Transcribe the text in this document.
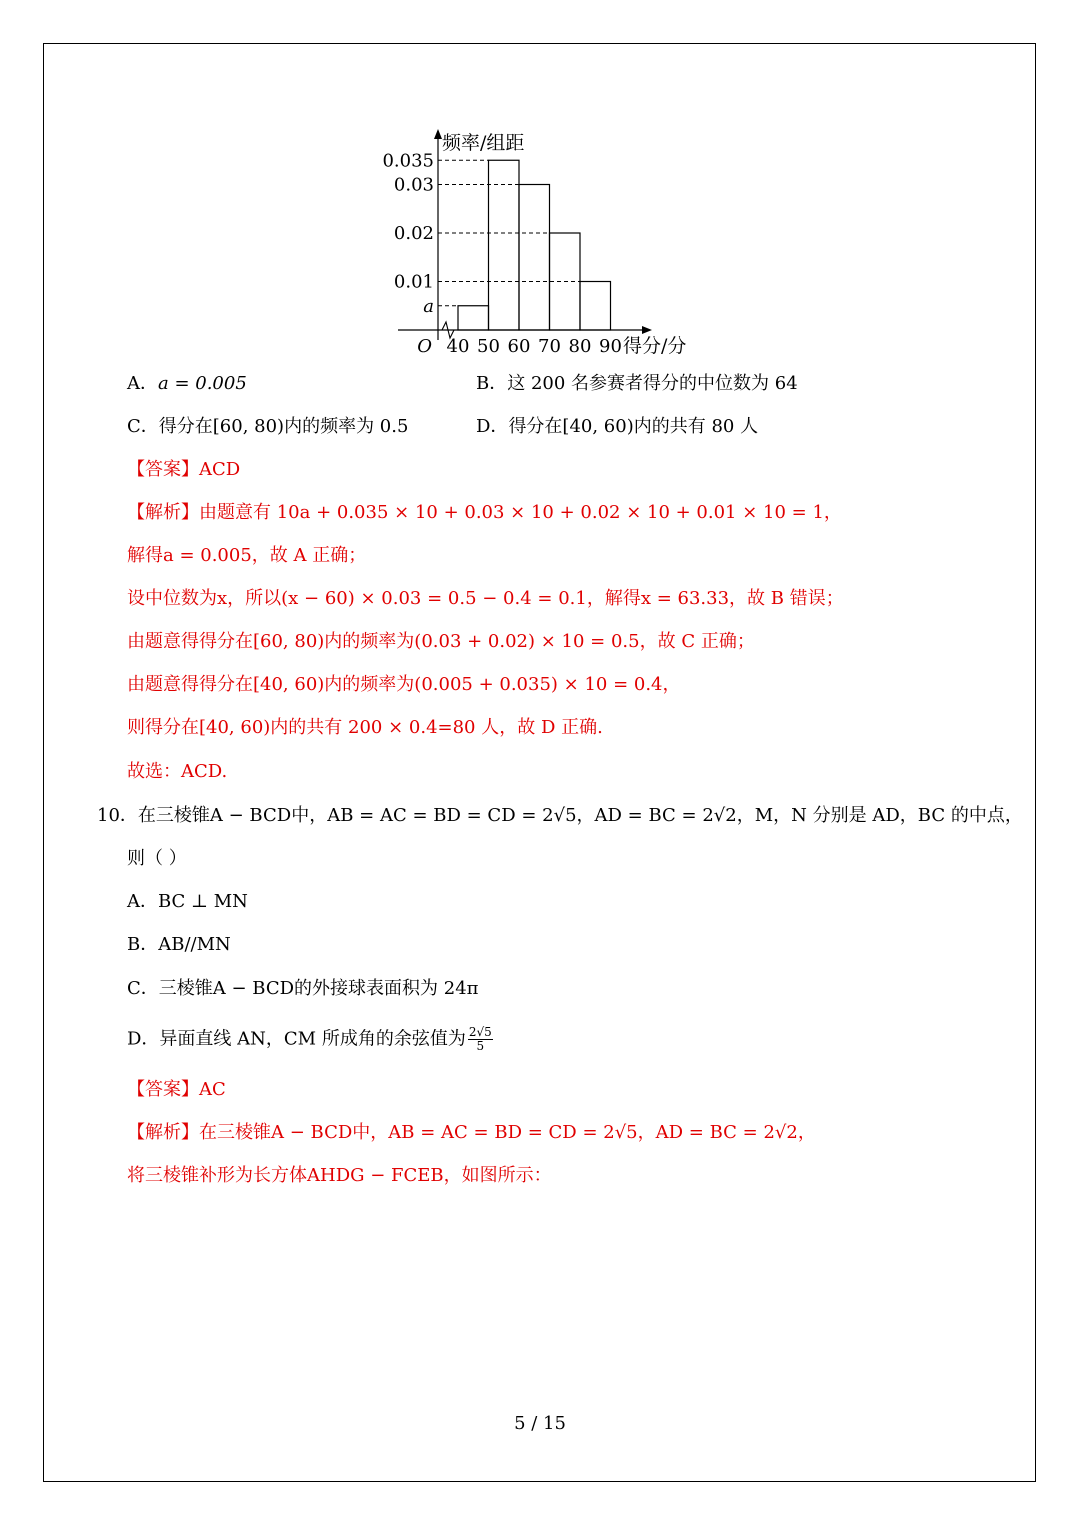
0.035
0.03
0.02
0.01
a
40 50 60 70 80 90
O
频率/组距
得分/分
A．a = 0.005	B．这 200 名参赛者得分的中位数为 64
C．得分在[60, 80)内的频率为 0.5	D．得分在[40, 60)内的共有 80 人
【答案】ACD
【解析】由题意有 10a + 0.035 × 10 + 0.03 × 10 + 0.02 × 10 + 0.01 × 10 = 1，
解得a = 0.005，故 A 正确；
设中位数为x，所以(x − 60) × 0.03 = 0.5 − 0.4 = 0.1，解得x = 63.33，故 B 错误；
由题意得得分在[60, 80)内的频率为(0.03 + 0.02) × 10 = 0.5，故 C 正确；
由题意得得分在[40, 60)内的频率为(0.005 + 0.035) × 10 = 0.4，
则得分在[40, 60)内的共有 200 × 0.4=80 人，故 D 正确.
故选：ACD.
10．在三棱锥A − BCD中，AB = AC = BD = CD = 2√5，AD = BC = 2√2，M，N 分别是 AD，BC 的中点，
则（ ）
A．BC ⊥ MN
B．AB//MN
C．三棱锥A − BCD的外接球表面积为 24π
D．异面直线 AN，CM 所成角的余弦值为 $\frac{2√5}{5}$
【答案】AC
【解析】在三棱锥A − BCD中，AB = AC = BD = CD = 2√5，AD = BC = 2√2，
将三棱锥补形为长方体AHDG − FCEB，如图所示：
5 / 15
